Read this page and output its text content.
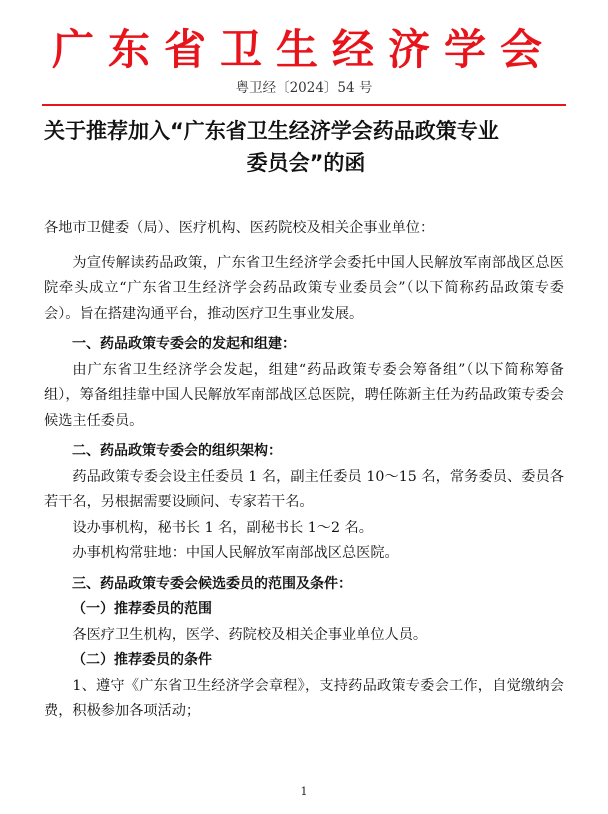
广东省卫生经济学会
粤卫经〔2024〕54 号
关于推荐加入“广东省卫生经济学会药品政策专业
委员会”的函

各地市卫健委（局）、医疗机构、医药院校及相关企事业单位：

为宣传解读药品政策，广东省卫生经济学会委托中国人民解放军南部战区总医院牵头成立“广东省卫生经济学会药品政策专业委员会”（以下简称药品政策专委会）。旨在搭建沟通平台，推动医疗卫生事业发展。

一、药品政策专委会的发起和组建：

由广东省卫生经济学会发起，组建“药品政策专委会筹备组”（以下简称筹备组），筹备组挂靠中国人民解放军南部战区总医院，聘任陈新主任为药品政策专委会候选主任委员。

二、药品政策专委会的组织架构：

药品政策专委会设主任委员 1 名，副主任委员 10～15 名，常务委员、委员各若干名，另根据需要设顾问、专家若干名。

设办事机构，秘书长 1 名，副秘书长 1～2 名。

办事机构常驻地：中国人民解放军南部战区总医院。

三、药品政策专委会候选委员的范围及条件：

（一）推荐委员的范围

各医疗卫生机构，医学、药院校及相关企事业单位人员。

（二）推荐委员的条件

1、遵守《广东省卫生经济学会章程》，支持药品政策专委会工作，自觉缴纳会费，积极参加各项活动；

1
